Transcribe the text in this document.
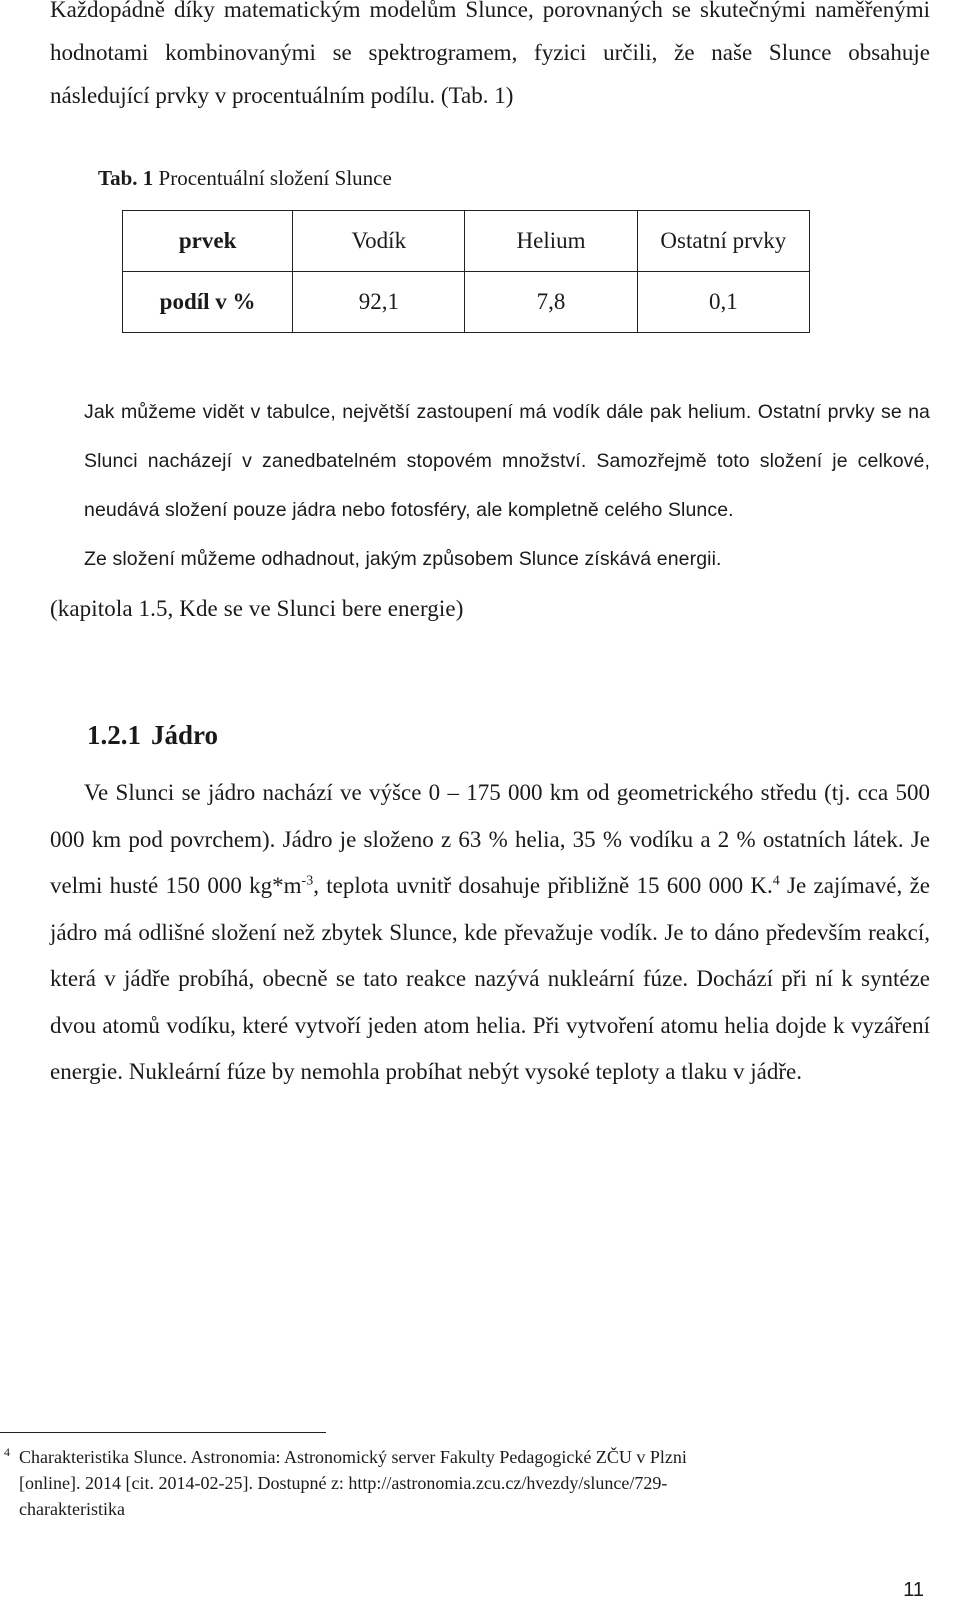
Každopádně díky matematickým modelům Slunce, porovnaných se skutečnými naměřenými hodnotami kombinovanými se spektrogramem, fyzici určili, že naše Slunce obsahuje následující prvky v procentuálním podílu. (Tab. 1)

Tab. 1 Procentuální složení Slunce

prvek	Vodík	Helium	Ostatní prvky
podíl v %	92,1	7,8	0,1
Jak můžeme vidět v tabulce, největší zastoupení má vodík dále pak helium. Ostatní prvky se na Slunci nacházejí v zanedbatelném stopovém množství. Samozřejmě toto složení je celkové, neudává složení pouze jádra nebo fotosféry, ale kompletně celého Slunce.
Ze složení můžeme odhadnout, jakým způsobem Slunce získává energii.
(kapitola 1.5, Kde se ve Slunci bere energie)
1.2.1 Jádro

Ve Slunci se jádro nachází ve výšce 0 – 175 000 km od geometrického středu (tj. cca 500 000 km pod povrchem). Jádro je složeno z 63 % helia, 35 % vodíku a 2 % ostatních látek. Je velmi husté 150 000 $kg*m^{-3}$, teplota uvnitř dosahuje přibližně 15 600 000 K.$^4$ Je zajímavé, že jádro má odlišné složení než zbytek Slunce, kde převažuje vodík. Je to dáno především reakcí, která v jádře probíhá, obecně se tato reakce nazývá nukleární fúze. Dochází při ní k syntéze dvou atomů vodíku, které vytvoří jeden atom helia. Při vytvoření atomu helia dojde k vyzáření energie. Nukleární fúze by nemohla probíhat nebýt vysoké teploty a tlaku v jádře.

4 Charakteristika Slunce. Astronomia: Astronomický server Fakulty Pedagogické ZČU v Plzni
[online]. 2014 [cit. 2014-02-25]. Dostupné z: http://astronomia.zcu.cz/hvezdy/slunce/729-
charakteristika
11
